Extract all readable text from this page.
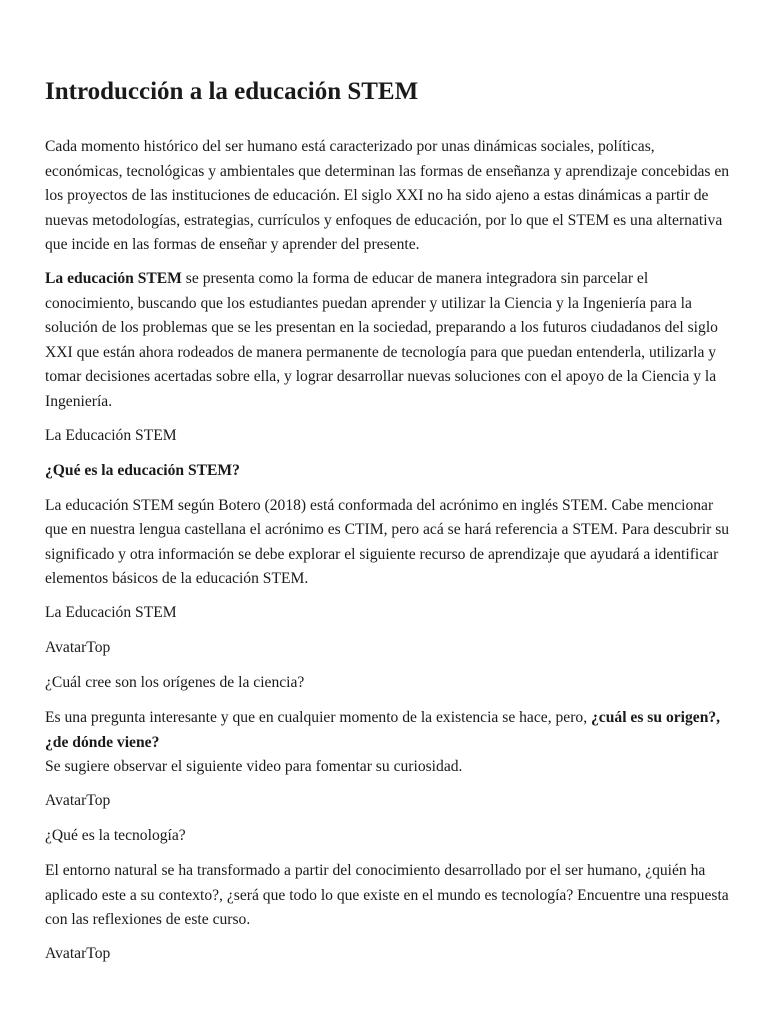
Introducción a la educación STEM

Cada momento histórico del ser humano está caracterizado por unas dinámicas sociales, políticas, económicas, tecnológicas y ambientales que determinan las formas de enseñanza y aprendizaje concebidas en los proyectos de las instituciones de educación. El siglo XXI no ha sido ajeno a estas dinámicas a partir de nuevas metodologías, estrategias, currículos y enfoques de educación, por lo que el STEM es una alternativa que incide en las formas de enseñar y aprender del presente.

La educación STEM se presenta como la forma de educar de manera integradora sin parcelar el conocimiento, buscando que los estudiantes puedan aprender y utilizar la Ciencia y la Ingeniería para la solución de los problemas que se les presentan en la sociedad, preparando a los futuros ciudadanos del siglo XXI que están ahora rodeados de manera permanente de tecnología para que puedan entenderla, utilizarla y tomar decisiones acertadas sobre ella, y lograr desarrollar nuevas soluciones con el apoyo de la Ciencia y la Ingeniería.

La Educación STEM

¿Qué es la educación STEM?

La educación STEM según Botero (2018) está conformada del acrónimo en inglés STEM. Cabe mencionar que en nuestra lengua castellana el acrónimo es CTIM, pero acá se hará referencia a STEM. Para descubrir su significado y otra información se debe explorar el siguiente recurso de aprendizaje que ayudará a identificar elementos básicos de la educación STEM.

La Educación STEM

AvatarTop

¿Cuál cree son los orígenes de la ciencia?

Es una pregunta interesante y que en cualquier momento de la existencia se hace, pero, ¿cuál es su origen?, ¿de dónde viene?
Se sugiere observar el siguiente video para fomentar su curiosidad.

AvatarTop

¿Qué es la tecnología?

El entorno natural se ha transformado a partir del conocimiento desarrollado por el ser humano, ¿quién ha aplicado este a su contexto?, ¿será que todo lo que existe en el mundo es tecnología? Encuentre una respuesta con las reflexiones de este curso.

AvatarTop
